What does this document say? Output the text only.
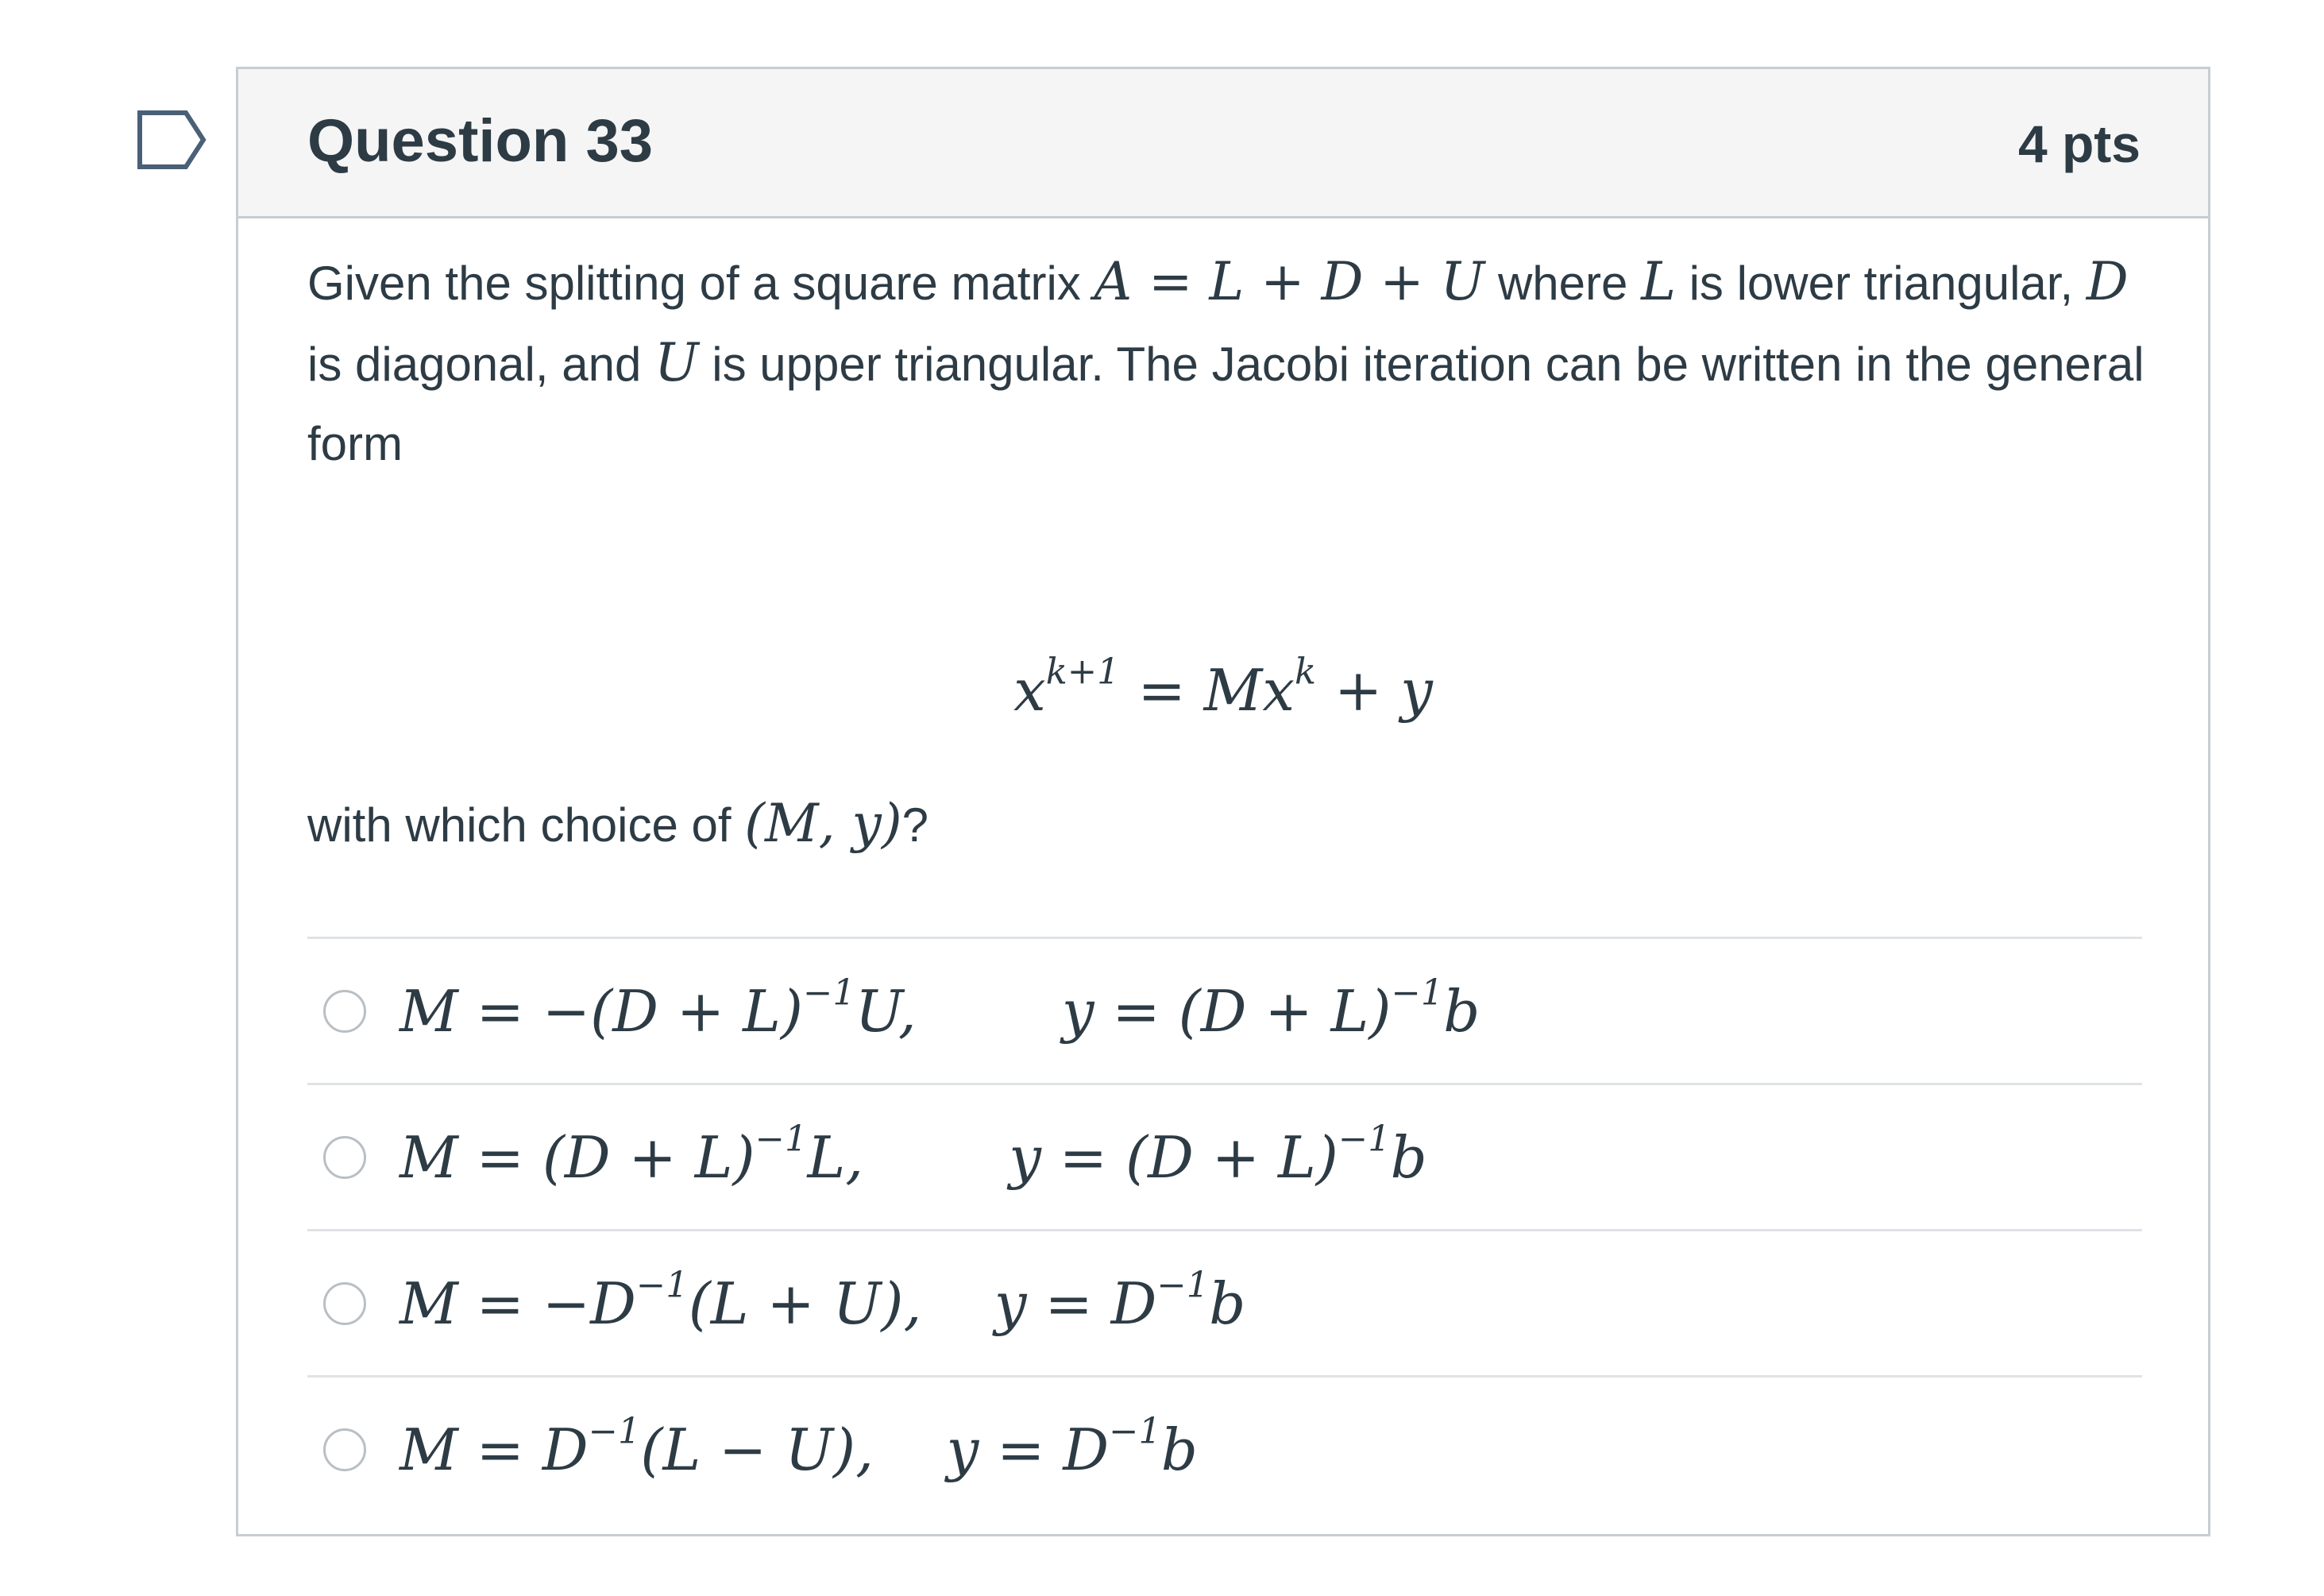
Question 33	4 pts
Given the splitting of a square matrix A = L + D + U where L is lower triangular, D is diagonal, and U is upper triangular. The Jacobi iteration can be written in the general form
$x^{k+1} = Mx^k + y$
with which choice of (M, y)?
$M = -(D + L)^{-1}U$,        $y = (D + L)^{-1}b$
$M = (D + L)^{-1}L$,        $y = (D + L)^{-1}b$
$M = -D^{-1}(L + U)$,    $y = D^{-1}b$
$M = D^{-1}(L - U)$,    $y = D^{-1}b$
